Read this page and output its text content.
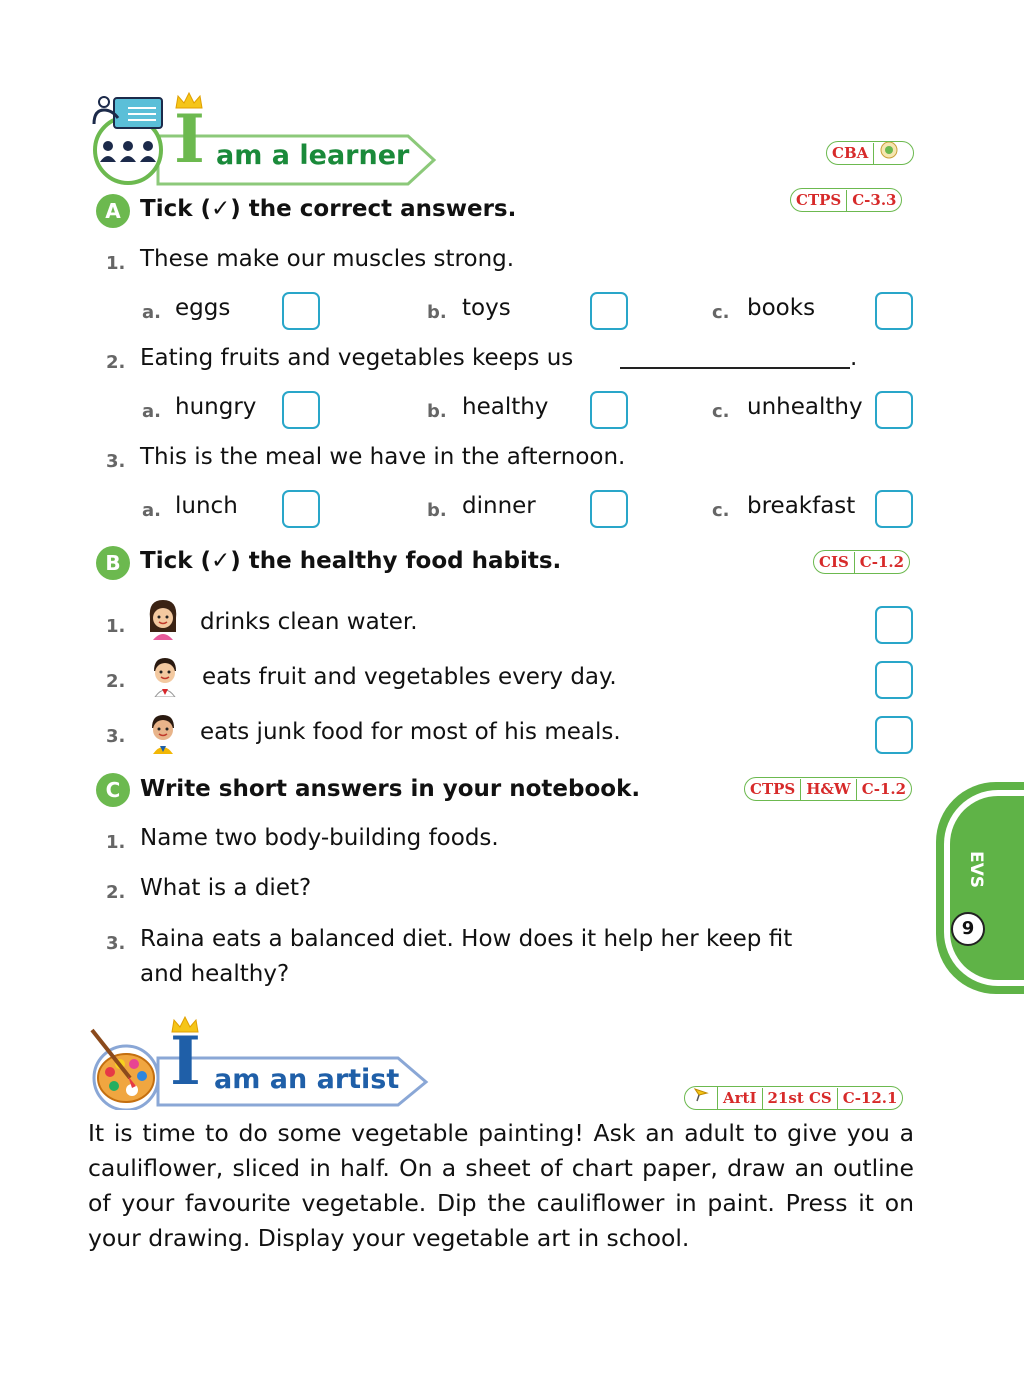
I am a learner	CBA
A Tick (✓) the correct answers.	CTPS C-3.3
1. These make our muscles strong.
a. eggs	b. toys	c. books
2. Eating fruits and vegetables keeps us	.
a. hungry	b. healthy	c. unhealthy
3. This is the meal we have in the afternoon.
a. lunch	b. dinner	c. breakfast
B Tick (✓) the healthy food habits.	CIS C-1.2
1.	drinks clean water.
2.	eats fruit and vegetables every day.
3.	eats junk food for most of his meals.
C Write short answers in your notebook.	CTPS H&W C-1.2
1. Name two body-building foods.
2. What is a diet?
3. Raina eats a balanced diet. How does it help her keep fit
and healthy?
EVS
9
I am an artist
ArtI 21st CS C-12.1
It is time to do some vegetable painting! Ask an adult to give you a cauliflower, sliced in half. On a sheet of chart paper, draw an outline of your favourite vegetable. Dip the cauliflower in paint. Press it on your drawing. Display your vegetable art in school.
